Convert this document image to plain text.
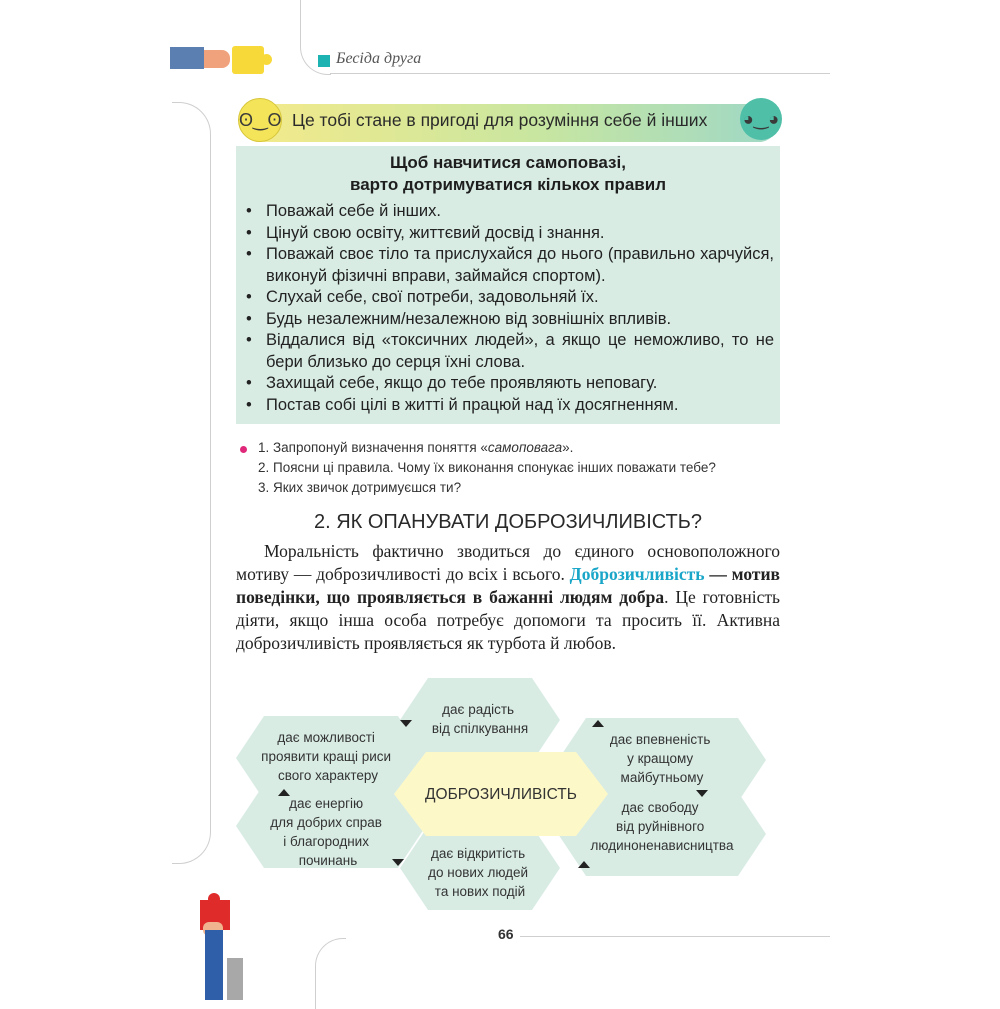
Бесіда друга
ʘ‿ʘ	◕‿◕
Це тобі стане в пригоді для розуміння себе й інших
Щоб навчитися самоповазі,
варто дотримуватися кількох правил
• Поважай себе й інших.
• Цінуй свою освіту, життєвий досвід і знання.
• Поважай своє тіло та прислухайся до нього (правильно харчуйся, виконуй фізичні вправи, займайся спортом).
• Слухай себе, свої потреби, задовольняй їх.
• Будь незалежним/незалежною від зовнішніх впливів.
• Віддалися від «токсичних людей», а якщо це неможливо, то не бери близько до серця їхні слова.
• Захищай себе, якщо до тебе проявляють неповагу.
• Постав собі цілі в житті й працюй над їх досягненням.
1. Запропонуй визначення поняття «самоповага».
2. Поясни ці правила. Чому їх виконання спонукає інших поважати тебе?
3. Яких звичок дотримуєшся ти?
2. ЯК ОПАНУВАТИ ДОБРОЗИЧЛИВІСТЬ?

Моральність фактично зводиться до єдиного основоположного мотиву — доброзичливості до всіх і всього. Доброзичливість — мотив поведінки, що проявляється в бажанні людям добра. Це готовність діяти, якщо інша особа потребує допомоги та просить її. Активна доброзичливість проявляється як турбота й любов.

ДОБРОЗИЧЛИВІСТЬ
дає радість від спілкування
дає впевненість у кращому майбутньому
дає свободу від руйнівного людиноненависництва
дає відкритість до нових людей та нових подій
дає енергію для добрих справ і благородних починань
дає можливості проявити кращі риси свого характеру
66
